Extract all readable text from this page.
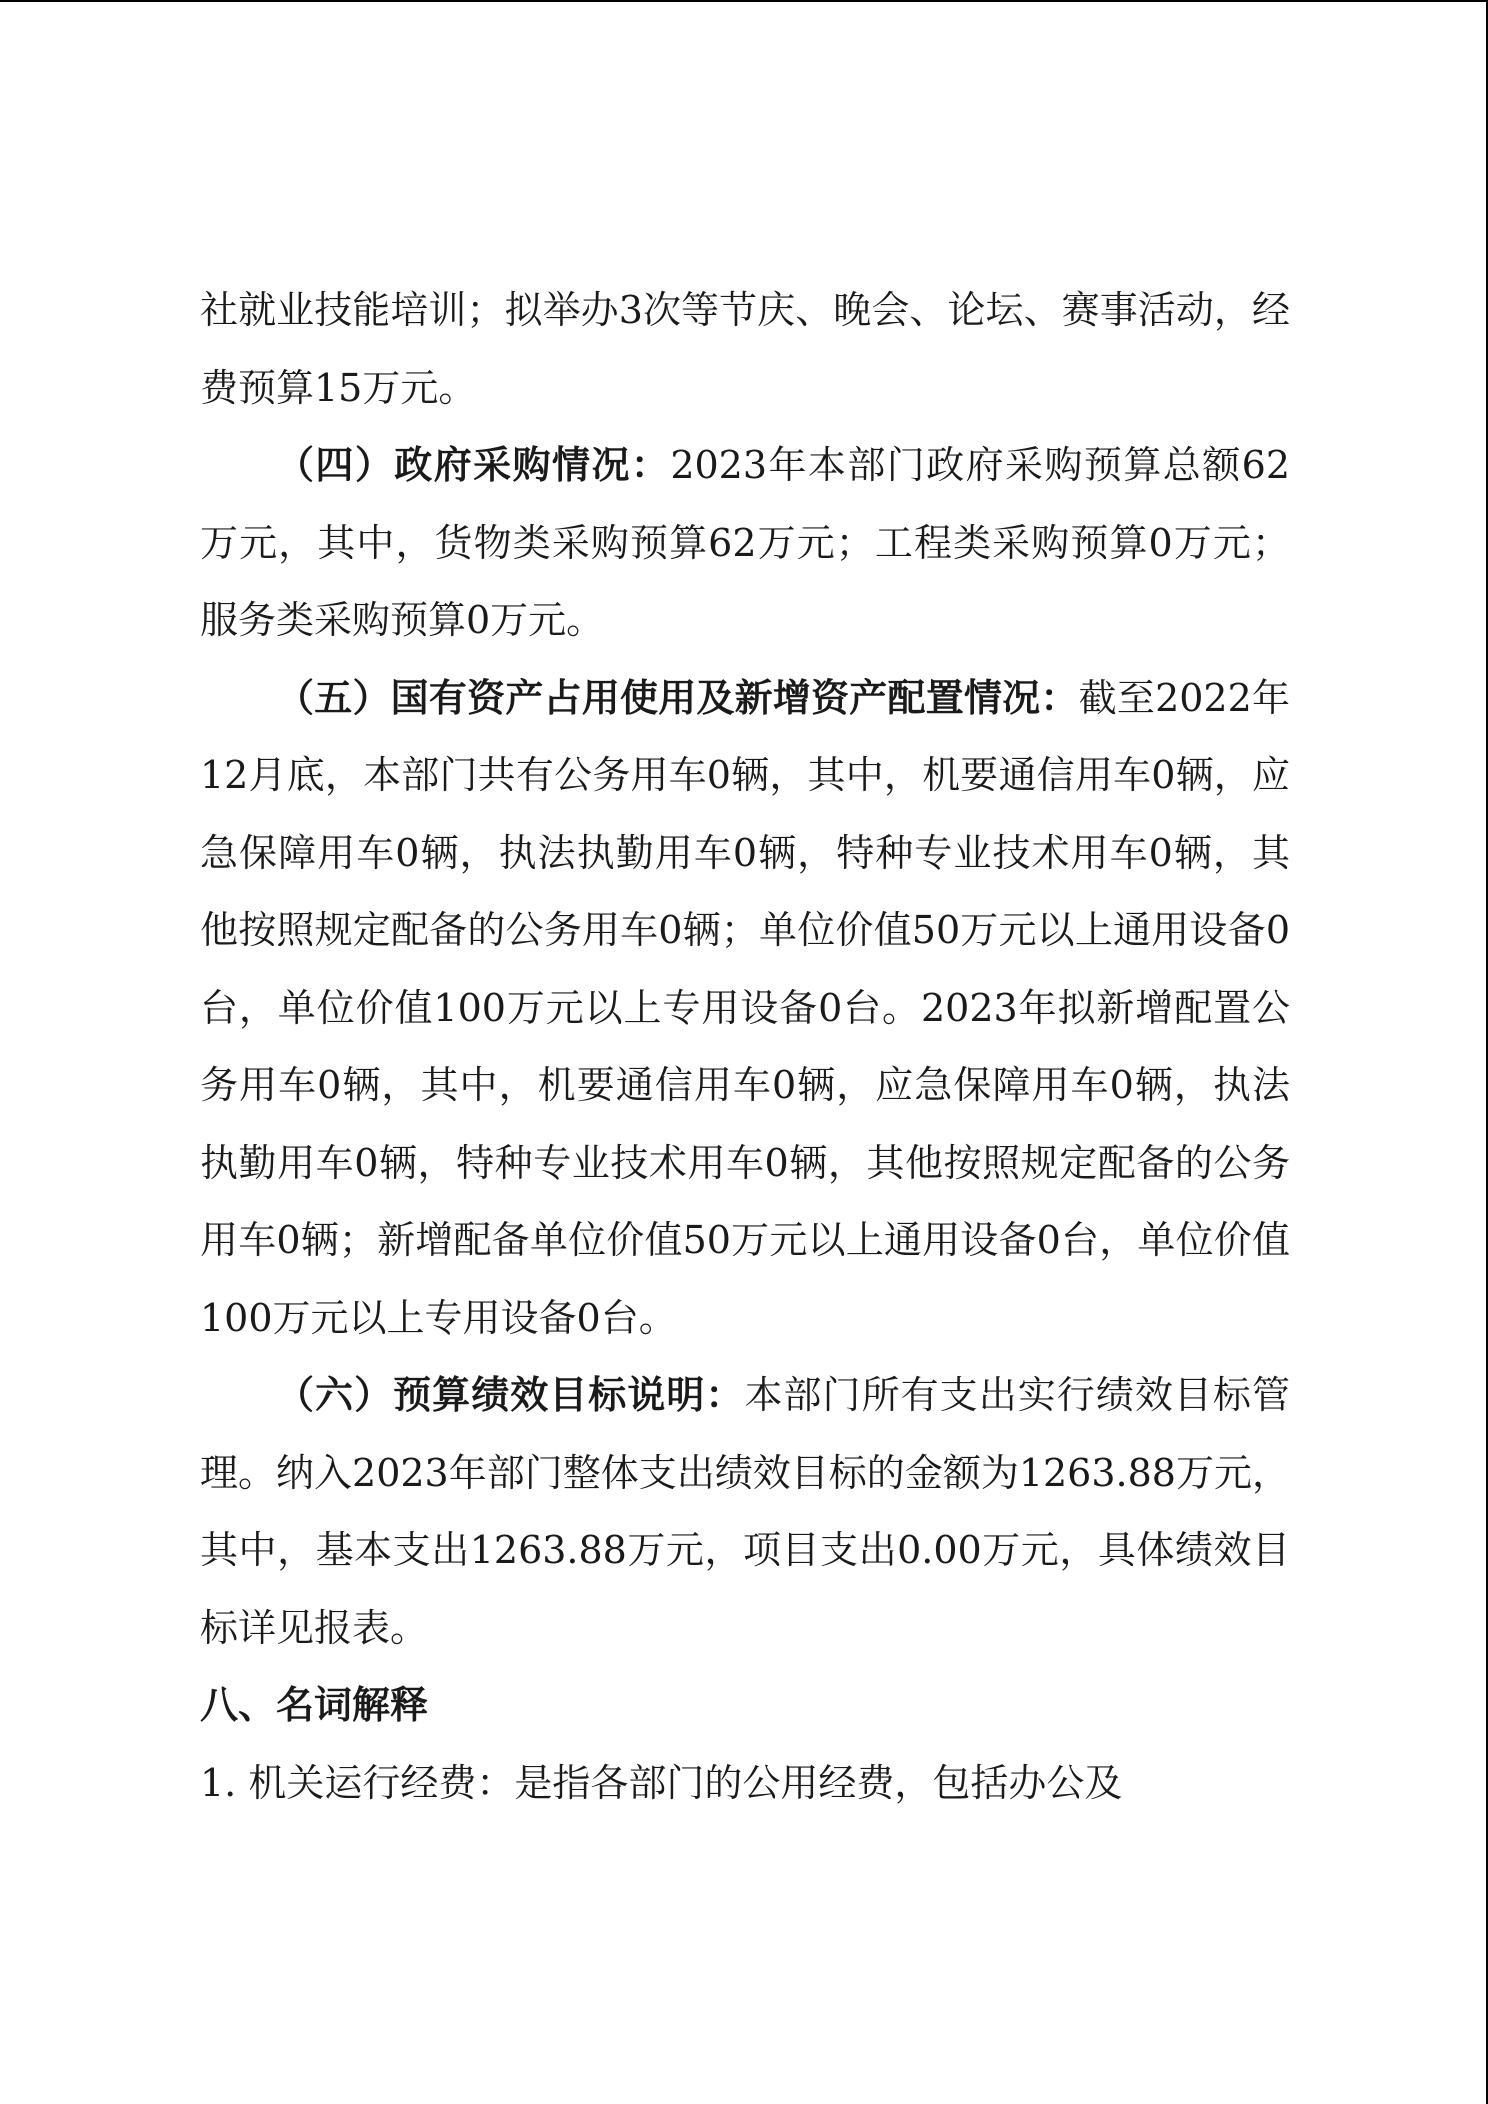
社就业技能培训；拟举办3次等节庆、晚会、论坛、赛事活动，经费预算15万元。

（四）政府采购情况：2023年本部门政府采购预算总额62万元，其中，货物类采购预算62万元；工程类采购预算0万元；服务类采购预算0万元。

（五）国有资产占用使用及新增资产配置情况：截至2022年12月底，本部门共有公务用车0辆，其中，机要通信用车0辆，应急保障用车0辆，执法执勤用车0辆，特种专业技术用车0辆，其他按照规定配备的公务用车0辆；单位价值50万元以上通用设备0台，单位价值100万元以上专用设备0台。2023年拟新增配置公务用车0辆，其中，机要通信用车0辆，应急保障用车0辆，执法执勤用车0辆，特种专业技术用车0辆，其他按照规定配备的公务用车0辆；新增配备单位价值50万元以上通用设备0台，单位价值100万元以上专用设备0台。

（六）预算绩效目标说明：本部门所有支出实行绩效目标管理。纳入2023年部门整体支出绩效目标的金额为1263.88万元，其中，基本支出1263.88万元，项目支出0.00万元，具体绩效目标详见报表。

八、名词解释

1. 机关运行经费：是指各部门的公用经费，包括办公及
